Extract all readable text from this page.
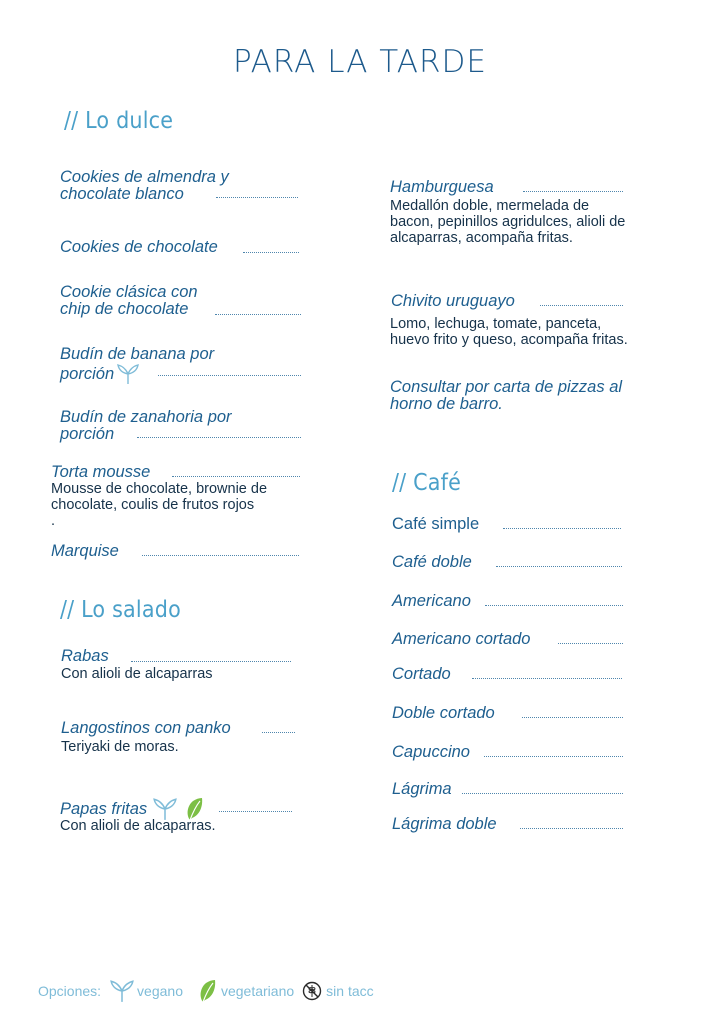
PARA LA TARDE
// Lo dulce
// Lo salado
// Café
Cookies de almendra y
chocolate blanco
Cookies de chocolate
Cookie clásica con
chip de chocolate
Budín de banana por
porción
Budín de zanahoria por
porción
Torta mousse
Mousse de chocolate, brownie de
chocolate, coulis de frutos rojos
.
Marquise
Rabas
Con alioli de alcaparras
Langostinos con panko
Teriyaki de moras.
Papas fritas
Con alioli de alcaparras.
Hamburguesa
Medallón doble, mermelada de
bacon, pepinillos agridulces, alioli de
alcaparras, acompaña fritas.
Chivito uruguayo
Lomo, lechuga, tomate, panceta,
huevo frito y queso, acompaña fritas.
Consultar por carta de pizzas al
horno de barro.
Café simple
Café doble
Americano
Americano cortado
Cortado
Doble cortado
Capuccino
Lágrima
Lágrima doble
Opciones:	vegano	vegetariano sin tacc
